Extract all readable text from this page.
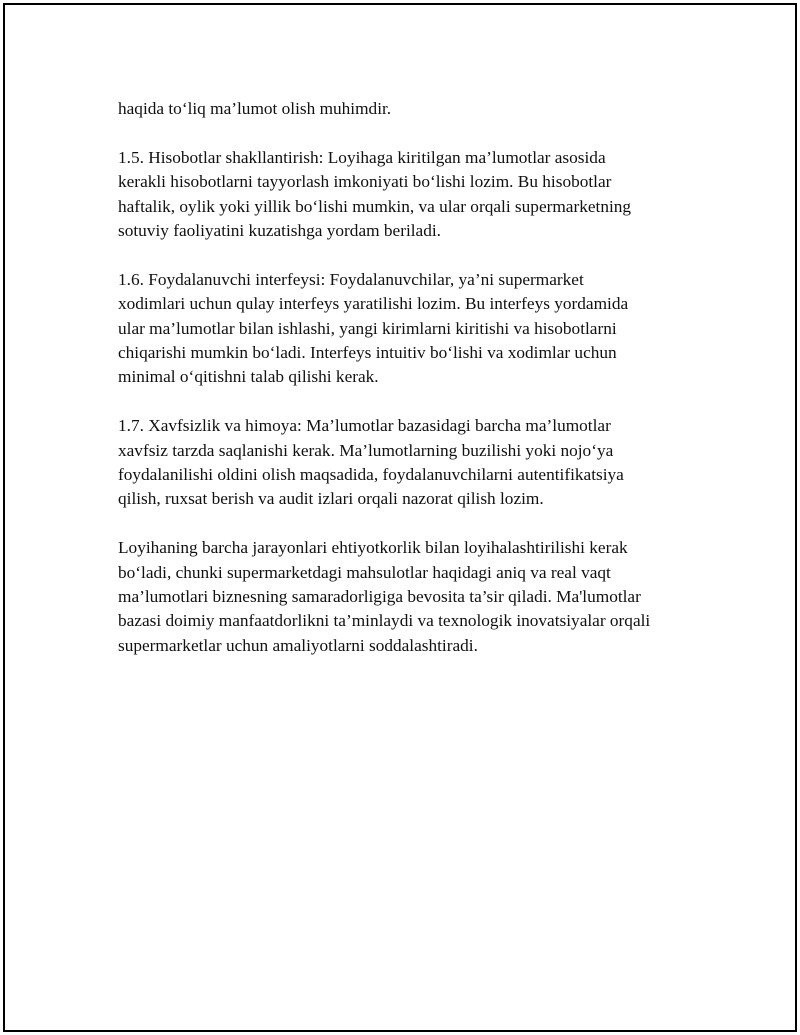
haqida to‘liq ma’lumot olish muhimdir.

1.5. Hisobotlar shakllantirish: Loyihaga kiritilgan ma’lumotlar asosida
kerakli hisobotlarni tayyorlash imkoniyati bo‘lishi lozim. Bu hisobotlar
haftalik, oylik yoki yillik bo‘lishi mumkin, va ular orqali supermarketning
sotuviy faoliyatini kuzatishga yordam beriladi.

1.6. Foydalanuvchi interfeysi: Foydalanuvchilar, ya’ni supermarket
xodimlari uchun qulay interfeys yaratilishi lozim. Bu interfeys yordamida
ular ma’lumotlar bilan ishlashi, yangi kirimlarni kiritishi va hisobotlarni
chiqarishi mumkin bo‘ladi. Interfeys intuitiv bo‘lishi va xodimlar uchun
minimal o‘qitishni talab qilishi kerak.

1.7. Xavfsizlik va himoya: Ma’lumotlar bazasidagi barcha ma’lumotlar
xavfsiz tarzda saqlanishi kerak. Ma’lumotlarning buzilishi yoki nojo‘ya
foydalanilishi oldini olish maqsadida, foydalanuvchilarni autentifikatsiya
qilish, ruxsat berish va audit izlari orqali nazorat qilish lozim.

Loyihaning barcha jarayonlari ehtiyotkorlik bilan loyihalashtirilishi kerak
bo‘ladi, chunki supermarketdagi mahsulotlar haqidagi aniq va real vaqt
ma’lumotlari biznesning samaradorligiga bevosita ta’sir qiladi. Ma'lumotlar
bazasi doimiy manfaatdorlikni ta’minlaydi va texnologik inovatsiyalar orqali
supermarketlar uchun amaliyotlarni soddalashtiradi.
